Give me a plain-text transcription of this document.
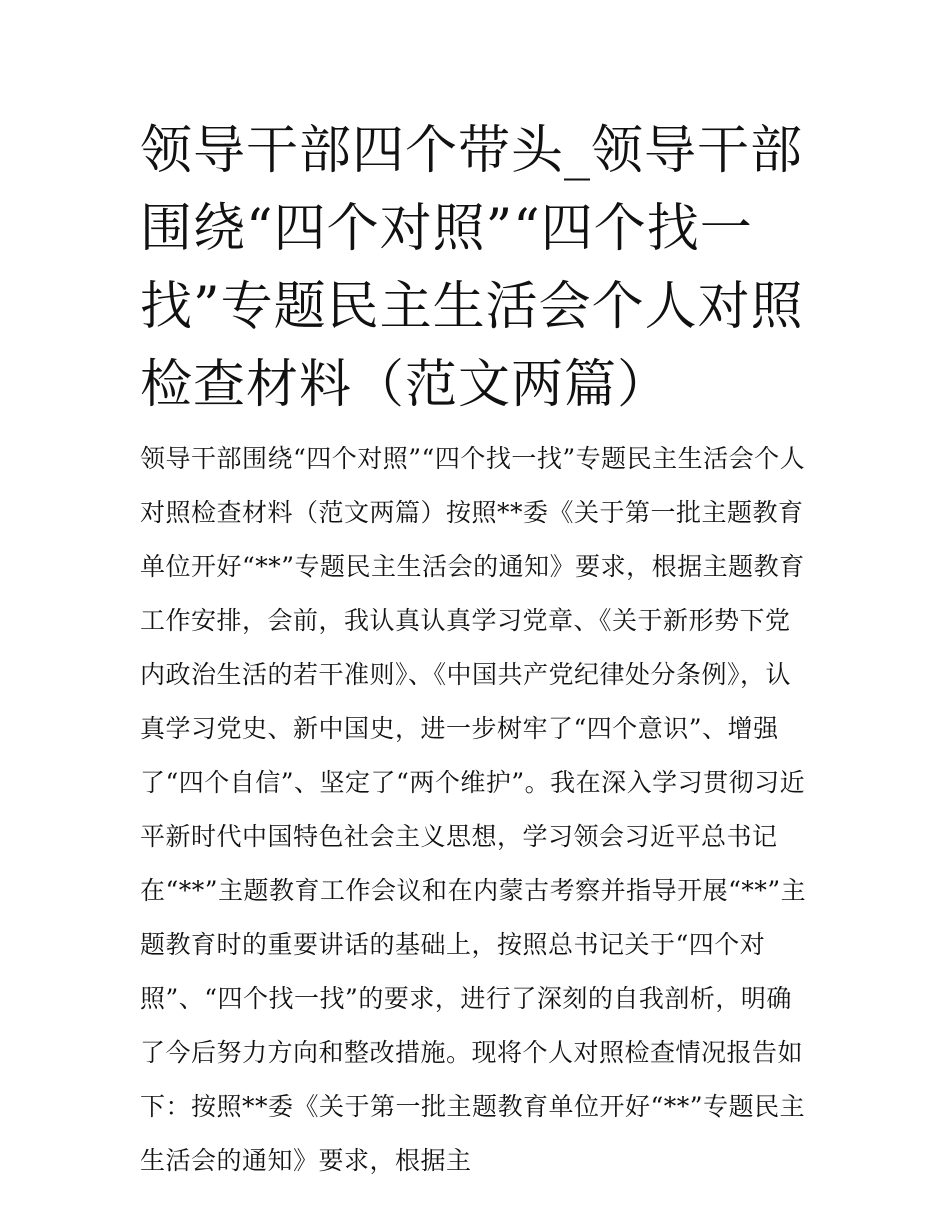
领导干部四个带头_领导干部围绕“四个对照”“四个找一找”专题民主生活会个人对照检查材料（范文两篇）

领导干部围绕“四个对照”“四个找一找”专题民主生活会个人对照检查材料（范文两篇）按照**委《关于第一批主题教育单位开好“**”专题民主生活会的通知》要求，根据主题教育工作安排，会前，我认真认真学习党章、《关于新形势下党内政治生活的若干准则》、《中国共产党纪律处分条例》，认真学习党史、新中国史，进一步树牢了“四个意识”、增强了“四个自信”、坚定了“两个维护”。我在深入学习贯彻习近平新时代中国特色社会主义思想，学习领会习近平总书记在“**”主题教育工作会议和在内蒙古考察并指导开展“**”主题教育时的重要讲话的基础上，按照总书记关于“四个对照”、“四个找一找”的要求，进行了深刻的自我剖析，明确了今后努力方向和整改措施。现将个人对照检查情况报告如下：按照**委《关于第一批主题教育单位开好“**”专题民主生活会的通知》要求，根据主
